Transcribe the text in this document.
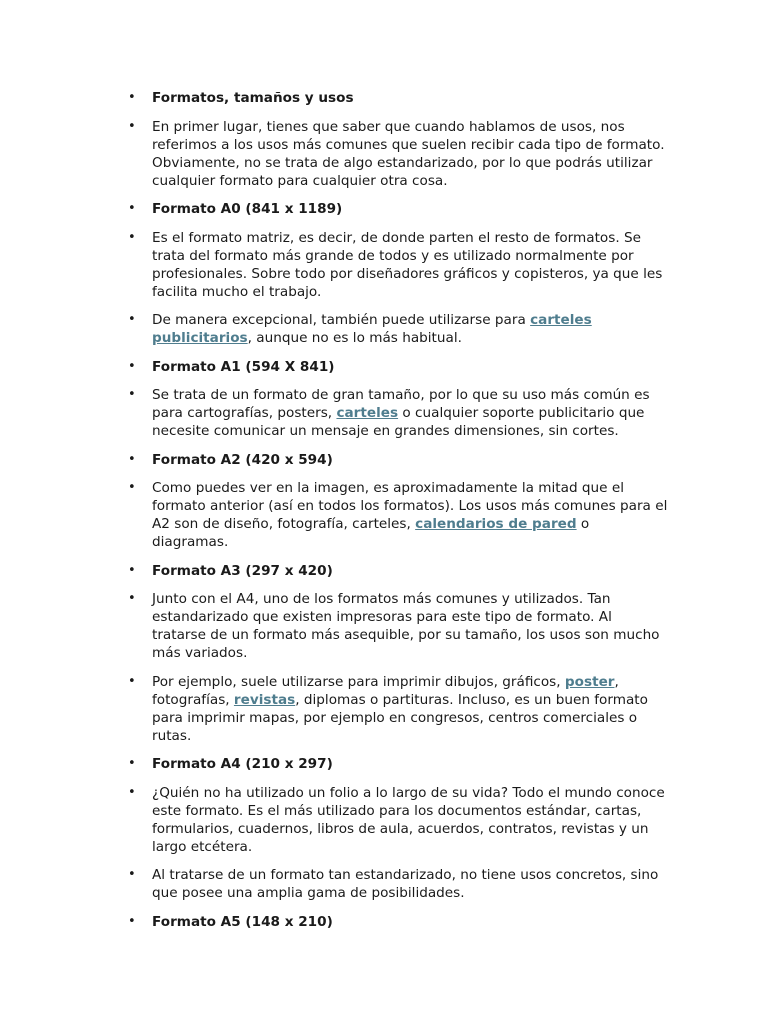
•	Formatos, tamaños y usos
•	En primer lugar, tienes que saber que cuando hablamos de usos, nos referimos a los usos más comunes que suelen recibir cada tipo de formato. Obviamente, no se trata de algo estandarizado, por lo que podrás utilizar cualquier formato para cualquier otra cosa.
•	Formato A0 (841 x 1189)
•	Es el formato matriz, es decir, de donde parten el resto de formatos. Se trata del formato más grande de todos y es utilizado normalmente por profesionales. Sobre todo por diseñadores gráficos y copisteros, ya que les facilita mucho el trabajo.
•	De manera excepcional, también puede utilizarse para carteles publicitarios, aunque no es lo más habitual.
•	Formato A1 (594 X 841)
•	Se trata de un formato de gran tamaño, por lo que su uso más común es para cartografías, posters, carteles o cualquier soporte publicitario que necesite comunicar un mensaje en grandes dimensiones, sin cortes.
•	Formato A2 (420 x 594)
•	Como puedes ver en la imagen, es aproximadamente la mitad que el formato anterior (así en todos los formatos). Los usos más comunes para el A2 son de diseño, fotografía, carteles, calendarios de pared o diagramas.
•	Formato A3 (297 x 420)
•	Junto con el A4, uno de los formatos más comunes y utilizados. Tan estandarizado que existen impresoras para este tipo de formato. Al tratarse de un formato más asequible, por su tamaño, los usos son mucho más variados.
•	Por ejemplo, suele utilizarse para imprimir dibujos, gráficos, poster, fotografías, revistas, diplomas o partituras. Incluso, es un buen formato para imprimir mapas, por ejemplo en congresos, centros comerciales o rutas.
•	Formato A4 (210 x 297)
•	¿Quién no ha utilizado un folio a lo largo de su vida? Todo el mundo conoce este formato. Es el más utilizado para los documentos estándar, cartas, formularios, cuadernos, libros de aula, acuerdos, contratos, revistas y un largo etcétera.
•	Al tratarse de un formato tan estandarizado, no tiene usos concretos, sino que posee una amplia gama de posibilidades.
•	Formato A5 (148 x 210)
